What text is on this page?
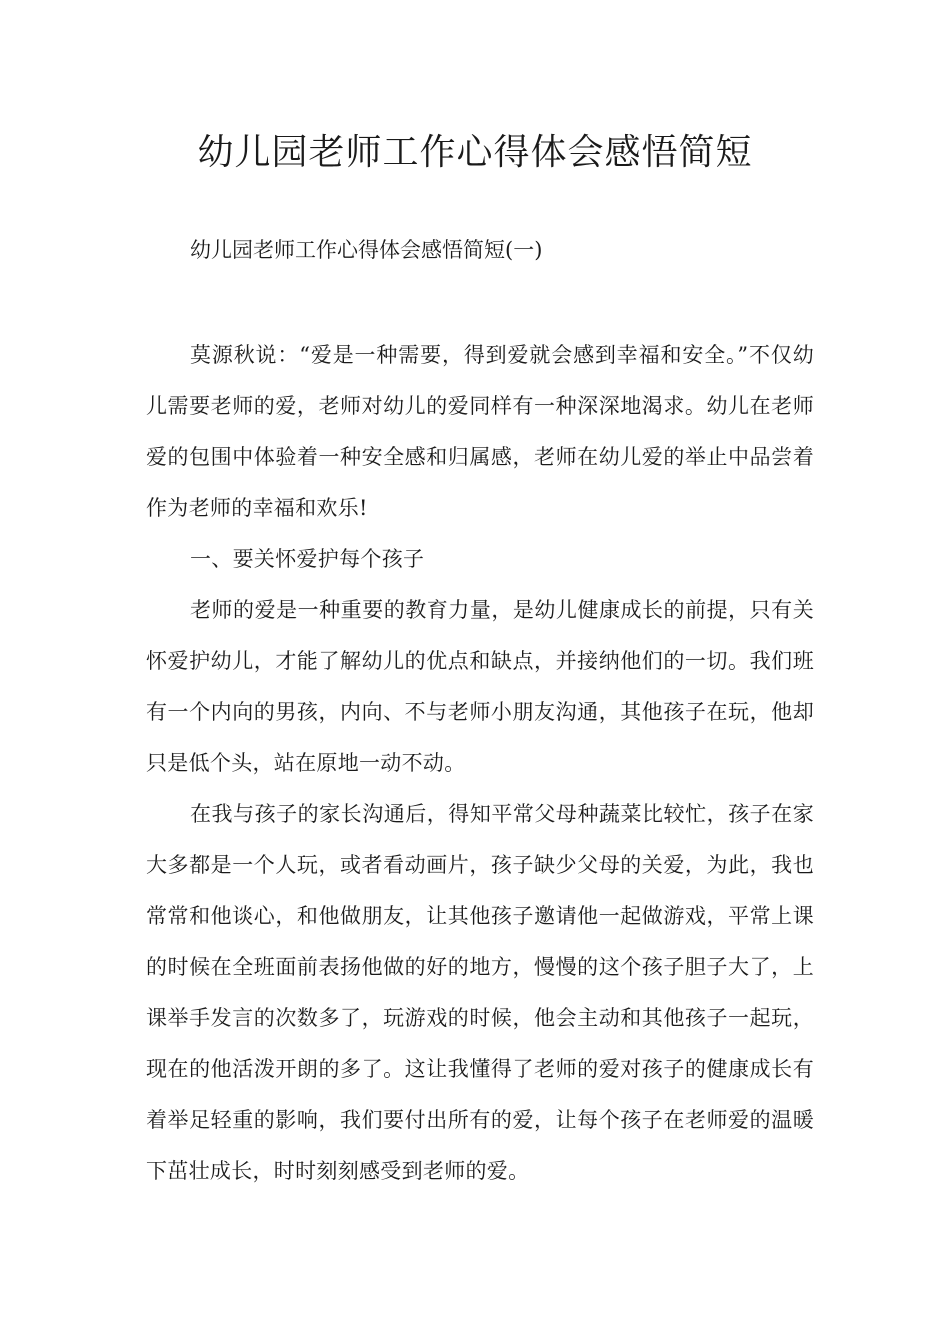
幼儿园老师工作心得体会感悟简短

幼儿园老师工作心得体会感悟简短(一)

莫源秋说：“爱是一种需要，得到爱就会感到幸福和安全。”不仅幼儿需要老师的爱，老师对幼儿的爱同样有一种深深地渴求。幼儿在老师爱的包围中体验着一种安全感和归属感，老师在幼儿爱的举止中品尝着作为老师的幸福和欢乐!

一、要关怀爱护每个孩子

老师的爱是一种重要的教育力量，是幼儿健康成长的前提，只有关怀爱护幼儿，才能了解幼儿的优点和缺点，并接纳他们的一切。我们班有一个内向的男孩，内向、不与老师小朋友沟通，其他孩子在玩，他却只是低个头，站在原地一动不动。

在我与孩子的家长沟通后，得知平常父母种蔬菜比较忙，孩子在家大多都是一个人玩，或者看动画片，孩子缺少父母的关爱，为此，我也常常和他谈心，和他做朋友，让其他孩子邀请他一起做游戏，平常上课的时候在全班面前表扬他做的好的地方，慢慢的这个孩子胆子大了，上课举手发言的次数多了，玩游戏的时候，他会主动和其他孩子一起玩，现在的他活泼开朗的多了。这让我懂得了老师的爱对孩子的健康成长有着举足轻重的影响，我们要付出所有的爱，让每个孩子在老师爱的温暖下茁壮成长，时时刻刻感受到老师的爱。
